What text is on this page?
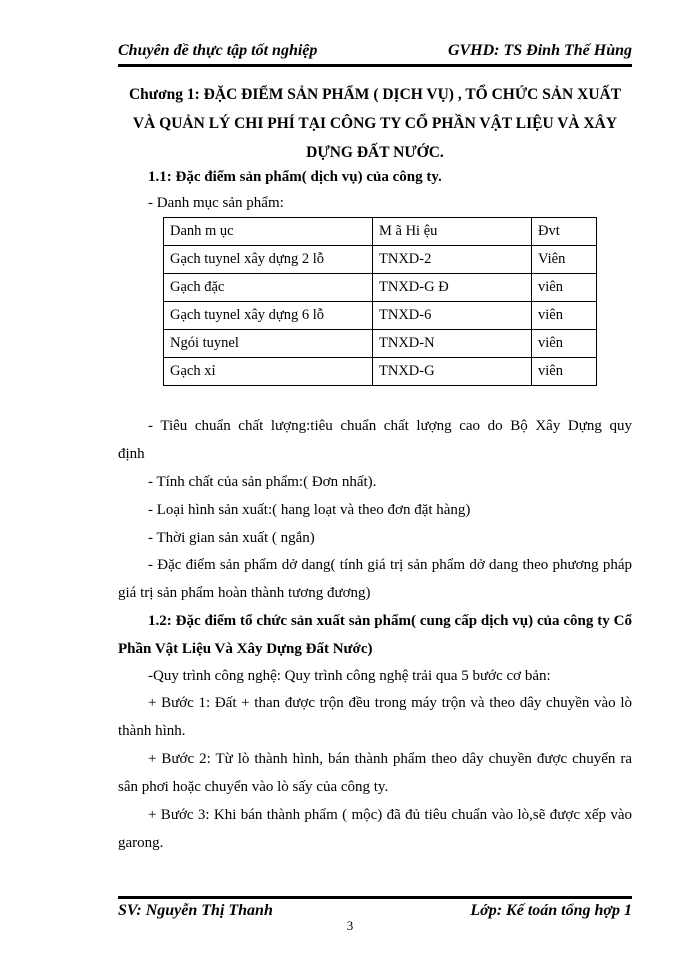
Chuyên đề thực tập tốt nghiệp	GVHD: TS Đinh Thế Hùng
Chương 1: ĐẶC ĐIỂM SẢN PHẨM ( DỊCH VỤ) , TỔ CHỨC SẢN XUẤT VÀ QUẢN LÝ CHI PHÍ TẠI CÔNG TY CỔ PHẦN VẬT LIỆU VÀ XÂY DỰNG ĐẤT NƯỚC.
1.1: Đặc điểm sản phẩm( dịch vụ) của công ty.
- Danh mục sản phẩm:
Danh m ục	M ã Hi ệu	Đvt
Gạch tuynel xây dựng 2 lỗ	TNXD-2	Viên
Gạch đặc	TNXD-G Đ	viên
Gạch tuynel xây dựng 6 lỗ	TNXD-6	viên
Ngói tuynel	TNXD-N	viên
Gạch xỉ	TNXD-G	viên
- Tiêu chuẩn chất lượng:tiêu chuẩn chất lượng cao do Bộ Xây Dựng quy
định
- Tính chất của sản phẩm:( Đơn nhất).
- Loại hình sản xuất:( hang loạt và theo đơn đặt hàng)
- Thời gian sản xuất ( ngắn)
- Đặc điểm sản phẩm dở dang( tính giá trị sản phẩm dở dang theo phương pháp giá trị sản phẩm hoàn thành tương đương)
1.2: Đặc điểm tổ chức sản xuất sản phẩm( cung cấp dịch vụ) của công ty Cổ Phần Vật Liệu Và Xây Dựng Đất Nước)
-Quy trình công nghệ: Quy trình công nghệ trải qua 5 bước cơ bản:
+ Bước 1: Đất + than được trộn đều trong máy trộn và theo dây chuyền vào lò thành hình.
+ Bước 2: Từ lò thành hình, bán thành phẩm theo dây chuyền được chuyển ra sân phơi hoặc chuyển vào lò sấy của công ty.
+ Bước 3: Khi bán thành phẩm ( mộc) đã đủ tiêu chuẩn vào lò,sẽ được xếp vào garong.
SV: Nguyễn Thị Thanh	Lớp: Kế toán tổng hợp 1
3
